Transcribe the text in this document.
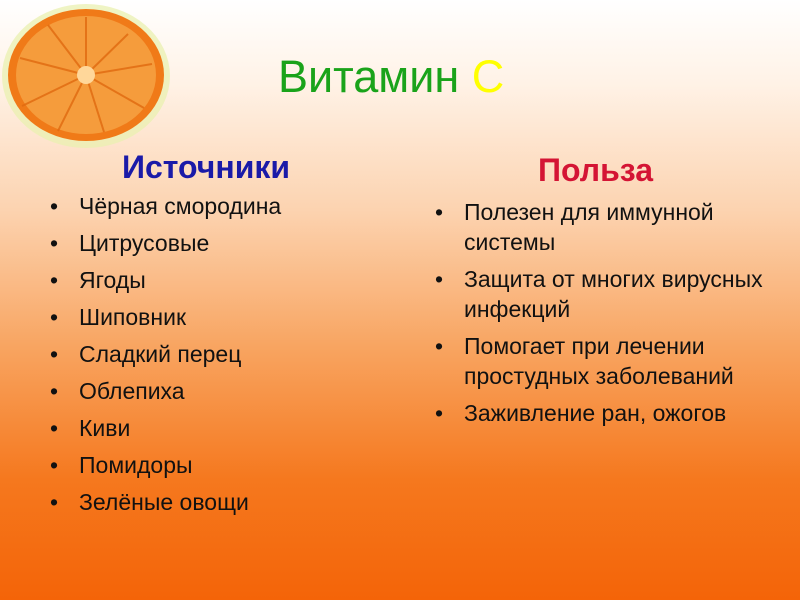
Витамин С
Источники
• Чёрная смородина
• Цитрусовые
• Ягоды
• Шиповник
• Сладкий перец
• Облепиха
• Киви
• Помидоры
• Зелёные овощи
Польза
• Полезен для иммунной системы
• Защита от многих вирусных инфекций
• Помогает при лечении простудных заболеваний
• Заживление ран, ожогов
